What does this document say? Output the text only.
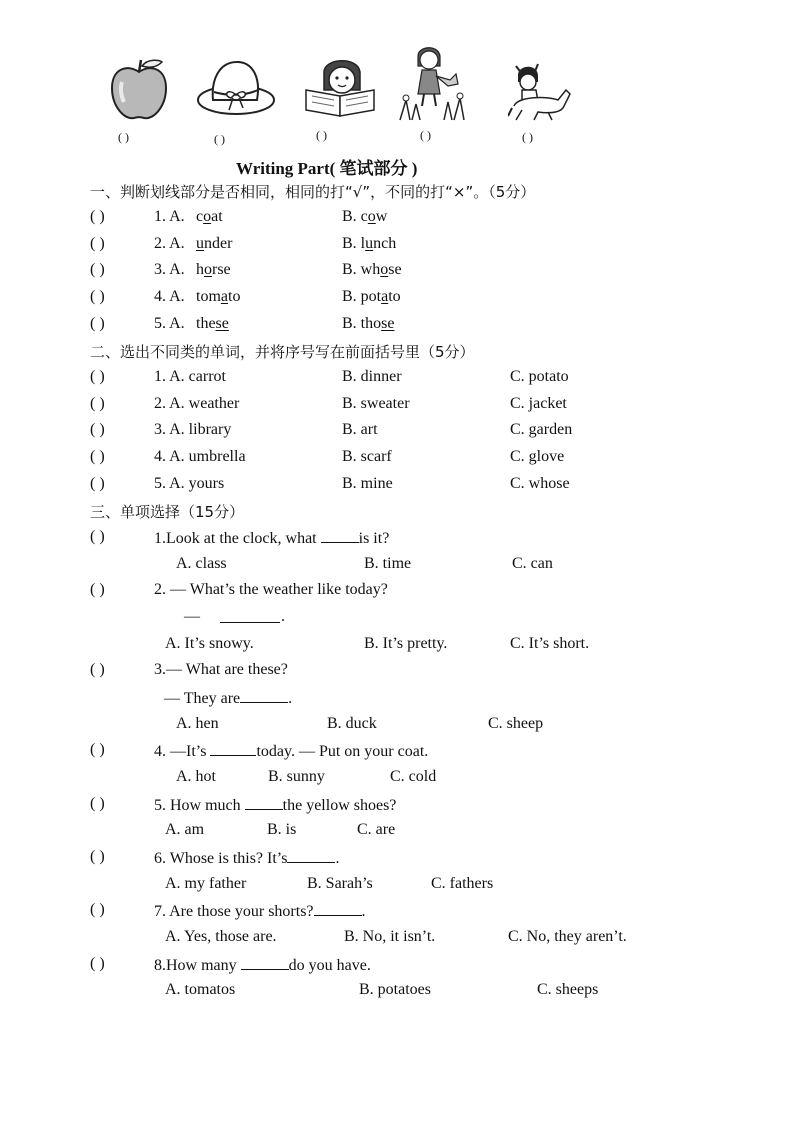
( )	( )	( )	( )	( )
Writing Part( 笔试部分 )
一、判断划线部分是否相同，相同的打“√”，不同的打“×”。（5分）
( )	1. A. coat	B. cow
( )	2. A. under	B. lunch
( )	3. A. horse	B. whose
( )	4. A. tomato	B. potato
( )	5. A. these	B. those
二、选出不同类的单词，并将序号写在前面括号里（5分）
( )	1. A. carrot	B. dinner	C. potato
( )	2. A. weather	B. sweater	C. jacket
( )	3. A. library	B. art	C. garden
( )	4. A. umbrella	B. scarf	C. glove
( )	5. A. yours	B. mine	C. whose
三、单项选择（15分）
( )	1.Look at the clock, what is it?
A. class	B. time	C. can
( )	2. — What’s the weather like today?
—	.
A. It’s snowy.	B. It’s pretty.	C. It’s short.
( )	3.— What are these?
— They are	.
A. hen	B. duck	C. sheep
( )	4. —It’s	today. — Put on your coat.
A. hot	B. sunny	C. cold
( )	5. How much the yellow shoes?
A. am	B. is	C. are
( )	6. Whose is this? It’s	.
A. my father	B. Sarah’s	C. fathers
( )	7. Are those your shorts?	.
A. Yes, those are.	B. No, it isn’t.	C. No, they aren’t.
( )	8.How many	do you have.
A. tomatos	B. potatoes	C. sheeps
